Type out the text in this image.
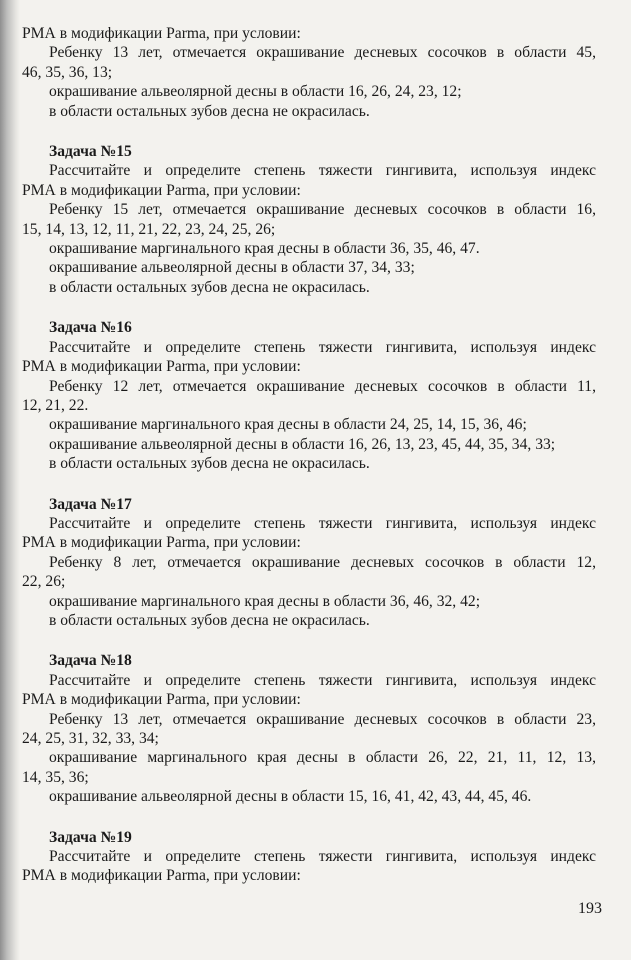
РМА в модификации Parma, при условии:
Ребенку 13 лет, отмечается окрашивание десневых сосочков в области 45,
46, 35, 36, 13;
окрашивание альвеолярной десны в области 16, 26, 24, 23, 12;
в области остальных зубов десна не окрасилась.
Задача №15
Рассчитайте и определите степень тяжести гингивита, используя индекс
РМА в модификации Parma, при условии:
Ребенку 15 лет, отмечается окрашивание десневых сосочков в области 16,
15, 14, 13, 12, 11, 21, 22, 23, 24, 25, 26;
окрашивание маргинального края десны в области 36, 35, 46, 47.
окрашивание альвеолярной десны в области 37, 34, 33;
в области остальных зубов десна не окрасилась.
Задача №16
Рассчитайте и определите степень тяжести гингивита, используя индекс
РМА в модификации Parma, при условии:
Ребенку 12 лет, отмечается окрашивание десневых сосочков в области 11,
12, 21, 22.
окрашивание маргинального края десны в области 24, 25, 14, 15, 36, 46;
окрашивание альвеолярной десны в области 16, 26, 13, 23, 45, 44, 35, 34, 33;
в области остальных зубов десна не окрасилась.
Задача №17
Рассчитайте и определите степень тяжести гингивита, используя индекс
РМА в модификации Parma, при условии:
Ребенку 8 лет, отмечается окрашивание десневых сосочков в области 12,
22, 26;
окрашивание маргинального края десны в области 36, 46, 32, 42;
в области остальных зубов десна не окрасилась.
Задача №18
Рассчитайте и определите степень тяжести гингивита, используя индекс
РМА в модификации Parma, при условии:
Ребенку 13 лет, отмечается окрашивание десневых сосочков в области 23,
24, 25, 31, 32, 33, 34;
окрашивание маргинального края десны в области 26, 22, 21, 11, 12, 13,
14, 35, 36;
окрашивание альвеолярной десны в области 15, 16, 41, 42, 43, 44, 45, 46.
Задача №19
Рассчитайте и определите степень тяжести гингивита, используя индекс
РМА в модификации Parma, при условии:
193
